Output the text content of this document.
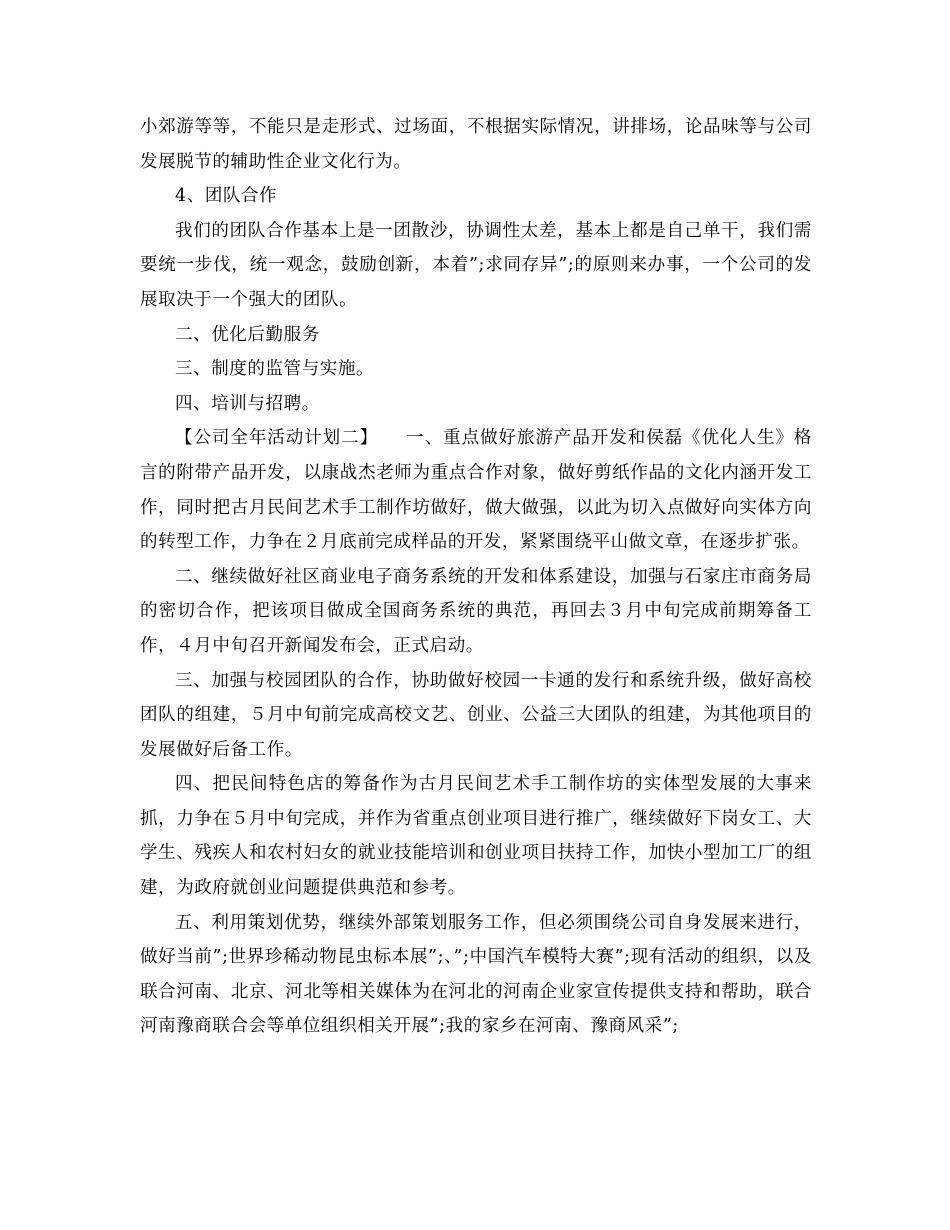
小郊游等等，不能只是走形式、过场面，不根据实际情况，讲排场，论品味等与公司发展脱节的辅助性企业文化行为。

4、团队合作

我们的团队合作基本上是一团散沙，协调性太差，基本上都是自己单干，我们需要统一步伐，统一观念，鼓励创新，本着”;求同存异”;的原则来办事，一个公司的发展取决于一个强大的团队。

二、优化后勤服务

三、制度的监管与实施。

四、培训与招聘。

【公司全年活动计划二】　　一、重点做好旅游产品开发和侯磊《优化人生》格言的附带产品开发，以康战杰老师为重点合作对象，做好剪纸作品的文化内涵开发工作，同时把古月民间艺术手工制作坊做好，做大做强，以此为切入点做好向实体方向的转型工作，力争在２月底前完成样品的开发，紧紧围绕平山做文章，在逐步扩张。

二、继续做好社区商业电子商务系统的开发和体系建设，加强与石家庄市商务局的密切合作，把该项目做成全国商务系统的典范，再回去３月中旬完成前期筹备工作，４月中旬召开新闻发布会，正式启动。

三、加强与校园团队的合作，协助做好校园一卡通的发行和系统升级，做好高校团队的组建，５月中旬前完成高校文艺、创业、公益三大团队的组建，为其他项目的发展做好后备工作。

四、把民间特色店的筹备作为古月民间艺术手工制作坊的实体型发展的大事来抓，力争在５月中旬完成，并作为省重点创业项目进行推广，继续做好下岗女工、大学生、残疾人和农村妇女的就业技能培训和创业项目扶持工作，加快小型加工厂的组建，为政府就创业问题提供典范和参考。

五、利用策划优势，继续外部策划服务工作，但必须围绕公司自身发展来进行，做好当前”;世界珍稀动物昆虫标本展”;、”;中国汽车模特大赛”;现有活动的组织，以及联合河南、北京、河北等相关媒体为在河北的河南企业家宣传提供支持和帮助，联合河南豫商联合会等单位组织相关开展”;我的家乡在河南、豫商风采”;
